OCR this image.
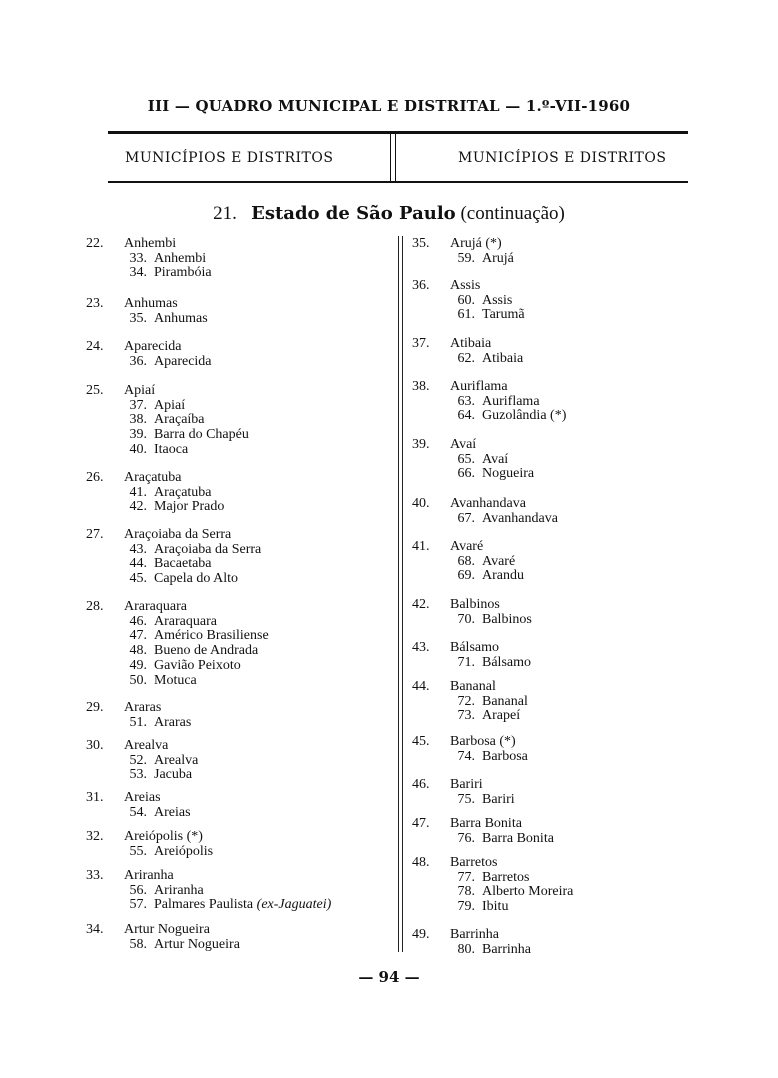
III — QUADRO MUNICIPAL E DISTRITAL — 1.º-VII-1960
MUNICÍPIOS E DISTRITOS	MUNICÍPIOS E DISTRITOS
21. Estado de São Paulo (continuação)
22. Anhembi
33. Anhembi
34. Pirambóia
23. Anhumas
35. Anhumas
24. Aparecida
36. Aparecida
25. Apiaí
37. Apiaí
38. Araçaíba
39. Barra do Chapéu
40. Itaoca
26. Araçatuba
41. Araçatuba
42. Major Prado
27. Araçoiaba da Serra
43. Araçoiaba da Serra
44. Bacaetaba
45. Capela do Alto
28. Araraquara
46. Araraquara
47. Américo Brasiliense
48. Bueno de Andrada
49. Gavião Peixoto
50. Motuca
29. Araras
51. Araras
30. Arealva
52. Arealva
53. Jacuba
31. Areias
54. Areias
32. Areiópolis (*)
55. Areiópolis
33. Ariranha
56. Ariranha
57. Palmares Paulista (ex-Jaguatei)
34. Artur Nogueira
58. Artur Nogueira
35. Arujá (*)
59. Arujá
36. Assis
60. Assis
61. Tarumã
37. Atibaia
62. Atibaia
38. Auriflama
63. Auriflama
64. Guzolândia (*)
39. Avaí
65. Avaí
66. Nogueira
40. Avanhandava
67. Avanhandava
41. Avaré
68. Avaré
69. Arandu
42. Balbinos
70. Balbinos
43. Bálsamo
71. Bálsamo
44. Bananal
72. Bananal
73. Arapeí
45. Barbosa (*)
74. Barbosa
46. Bariri
75. Bariri
47. Barra Bonita
76. Barra Bonita
48. Barretos
77. Barretos
78. Alberto Moreira
79. Ibitu
49. Barrinha
80. Barrinha
— 94 —
